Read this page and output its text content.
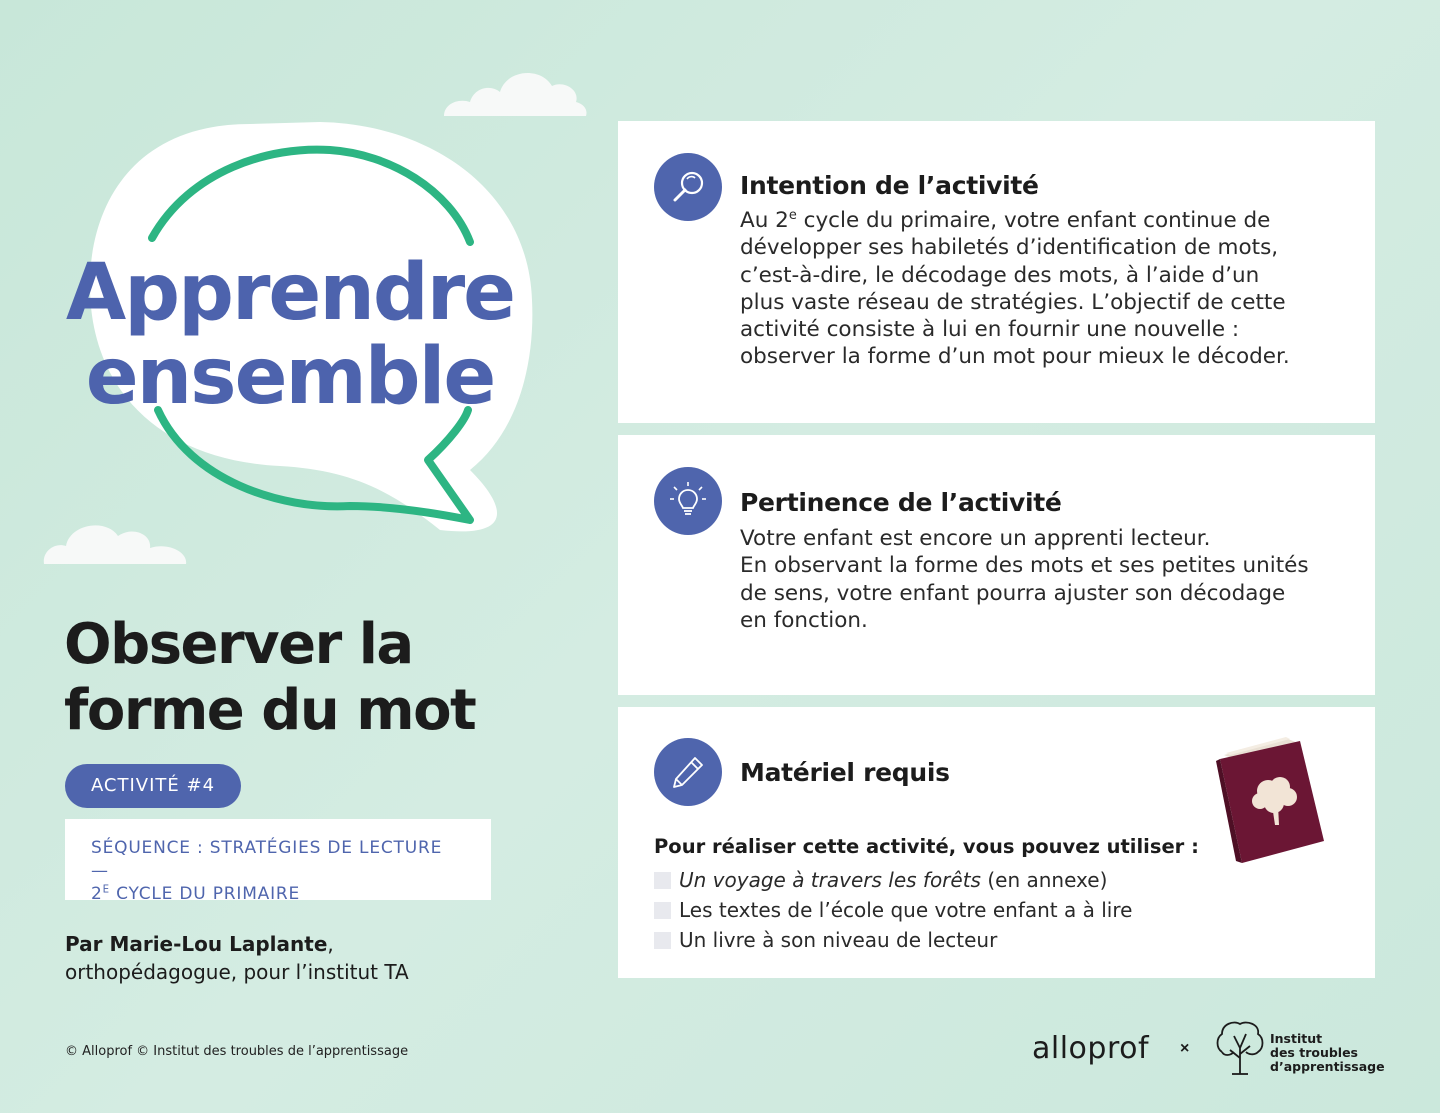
Apprendre
ensemble
Observer la
forme du mot
ACTIVITÉ #4
SÉQUENCE : STRATÉGIES DE LECTURE —
$2^E$ CYCLE DU PRIMAIRE
Par Marie-Lou Laplante,
orthopédagogue, pour l’institut TA
© Alloprof © Institut des troubles de l’apprentissage
Intention de l’activité
Au 2e cycle du primaire, votre enfant continue de
développer ses habiletés d’identification de mots,
c’est-à-dire, le décodage des mots, à l’aide d’un
plus vaste réseau de stratégies. L’objectif de cette
activité consiste à lui en fournir une nouvelle :
observer la forme d’un mot pour mieux le décoder.
Pertinence de l’activité
Votre enfant est encore un apprenti lecteur.
En observant la forme des mots et ses petites unités
de sens, votre enfant pourra ajuster son décodage
en fonction.
Matériel requis
Pour réaliser cette activité, vous pouvez utiliser :
Un voyage à travers les forêts (en annexe)
Les textes de l’école que votre enfant a à lire
Un livre à son niveau de lecteur
alloprof ×
Institut
des troubles
d’apprentissage
